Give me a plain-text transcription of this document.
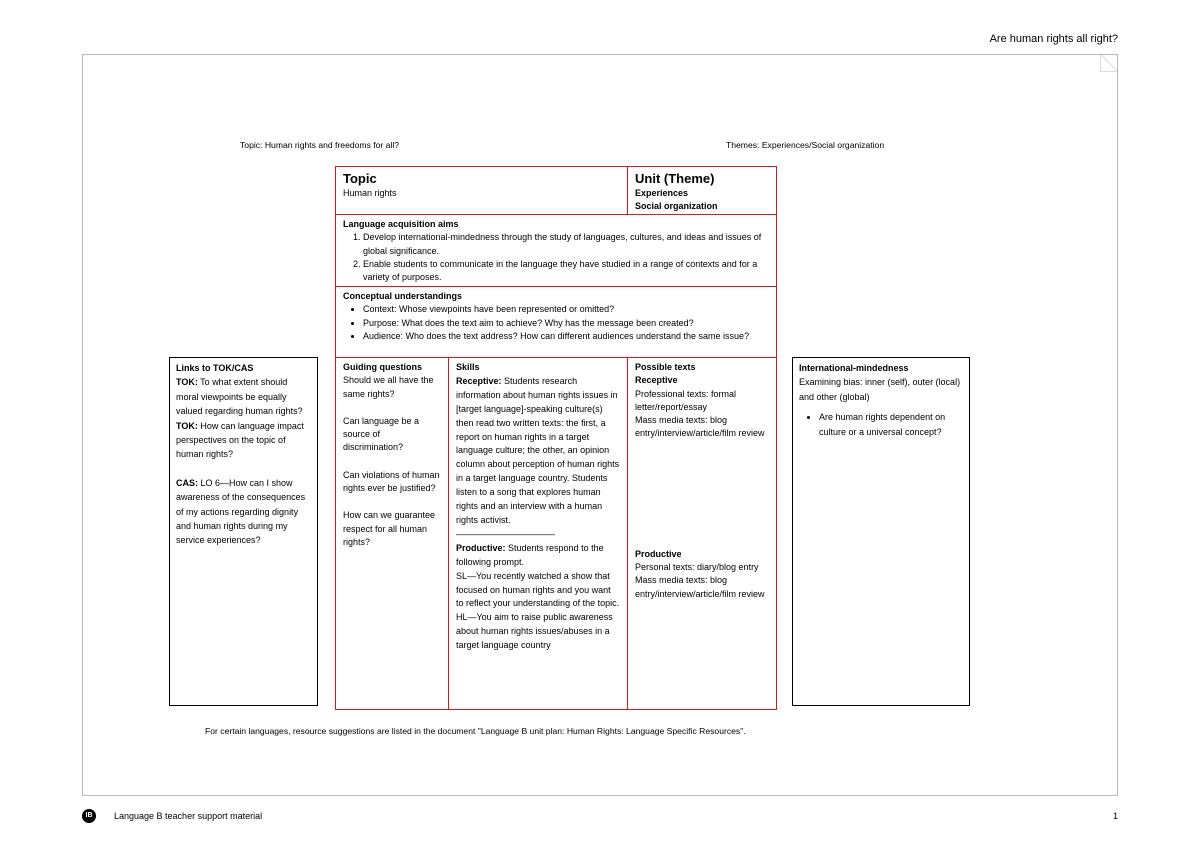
Are human rights all right?
Topic: Human rights and freedoms for all?	Themes: Experiences/Social organization
Topic
Human rights
Unit (Theme)
Experiences
Social organization
Language acquisition aims
1. Develop international-mindedness through the study of languages, cultures, and ideas and issues of global significance.
2. Enable students to communicate in the language they have studied in a range of contexts and for a variety of purposes.
Conceptual understandings
• Context: Whose viewpoints have been represented or omitted?
• Purpose: What does the text aim to achieve? Why has the message been created?
• Audience: Who does the text address? How can different audiences understand the same issue?
Guiding questions
Should we all have the same rights?
Can language be a source of discrimination?
Can violations of human rights ever be justified?
How can we guarantee respect for all human rights?
Skills
Receptive: Students research information about human rights issues in [target language]-speaking culture(s) then read two written texts: the first, a report on human rights in a target language culture; the other, an opinion column about perception of human rights in a target language country. Students listen to a song that explores human rights and an interview with a human rights activist.
———————————
Productive: Students respond to the following prompt.
SL—You recently watched a show that focused on human rights and you want to reflect your understanding of the topic.
HL—You aim to raise public awareness about human rights issues/abuses in a target language country
Possible texts
Receptive
Professional texts: formal letter/report/essay
Mass media texts: blog entry/interview/article/film review
Productive
Personal texts: diary/blog entry
Mass media texts: blog entry/interview/article/film review
Links to TOK/CAS
TOK: To what extent should moral viewpoints be equally valued regarding human rights?
TOK: How can language impact perspectives on the topic of human rights?
CAS: LO 6—How can I show awareness of the consequences of my actions regarding dignity and human rights during my service experiences?
International-mindedness
Examining bias: inner (self), outer (local) and other (global)
• Are human rights dependent on culture or a universal concept?
For certain languages, resource suggestions are listed in the document "Language B unit plan: Human Rights: Language Specific Resources".
IB	Language B teacher support material	1
